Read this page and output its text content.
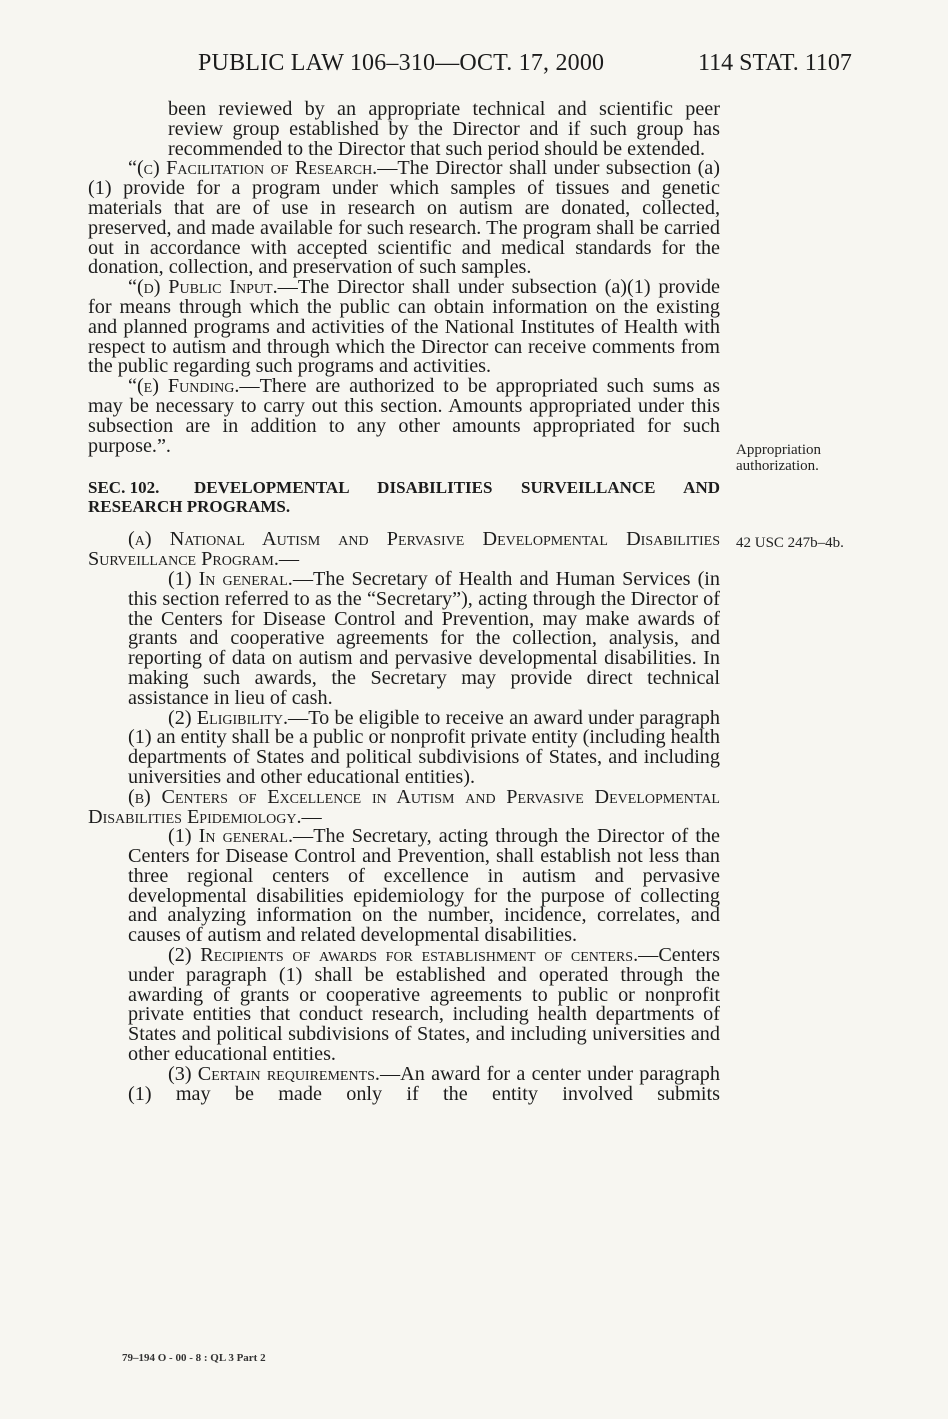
PUBLIC LAW 106–310—OCT. 17, 2000	114 STAT. 1107

been reviewed by an appropriate technical and scientific peer review group established by the Director and if such group has recommended to the Director that such period should be extended.

“(c) Facilitation of Research.—The Director shall under subsection (a)(1) provide for a program under which samples of tissues and genetic materials that are of use in research on autism are donated, collected, preserved, and made available for such research. The program shall be carried out in accordance with accepted scientific and medical standards for the donation, collection, and preservation of such samples.

“(d) Public Input.—The Director shall under subsection (a)(1) provide for means through which the public can obtain information on the existing and planned programs and activities of the National Institutes of Health with respect to autism and through which the Director can receive comments from the public regarding such programs and activities.

“(e) Funding.—There are authorized to be appropriated such sums as may be necessary to carry out this section. Amounts appropriated under this subsection are in addition to any other amounts appropriated for such purpose.”.

SEC. 102. DEVELOPMENTAL DISABILITIES SURVEILLANCE AND RESEARCH PROGRAMS.

(a) National Autism and Pervasive Developmental Disabilities Surveillance Program.—

(1) In general.—The Secretary of Health and Human Services (in this section referred to as the “Secretary”), acting through the Director of the Centers for Disease Control and Prevention, may make awards of grants and cooperative agreements for the collection, analysis, and reporting of data on autism and pervasive developmental disabilities. In making such awards, the Secretary may provide direct technical assistance in lieu of cash.

(2) Eligibility.—To be eligible to receive an award under paragraph (1) an entity shall be a public or nonprofit private entity (including health departments of States and political subdivisions of States, and including universities and other educational entities).

(b) Centers of Excellence in Autism and Pervasive Developmental Disabilities Epidemiology.—

(1) In general.—The Secretary, acting through the Director of the Centers for Disease Control and Prevention, shall establish not less than three regional centers of excellence in autism and pervasive developmental disabilities epidemiology for the purpose of collecting and analyzing information on the number, incidence, correlates, and causes of autism and related developmental disabilities.

(2) Recipients of awards for establishment of centers.—Centers under paragraph (1) shall be established and operated through the awarding of grants or cooperative agreements to public or nonprofit private entities that conduct research, including health departments of States and political subdivisions of States, and including universities and other educational entities.

(3) Certain requirements.—An award for a center under paragraph (1) may be made only if the entity involved submits

Appropriation
authorization.
42 USC 247b–4b.
79–194 O - 00 - 8 : QL 3 Part 2
